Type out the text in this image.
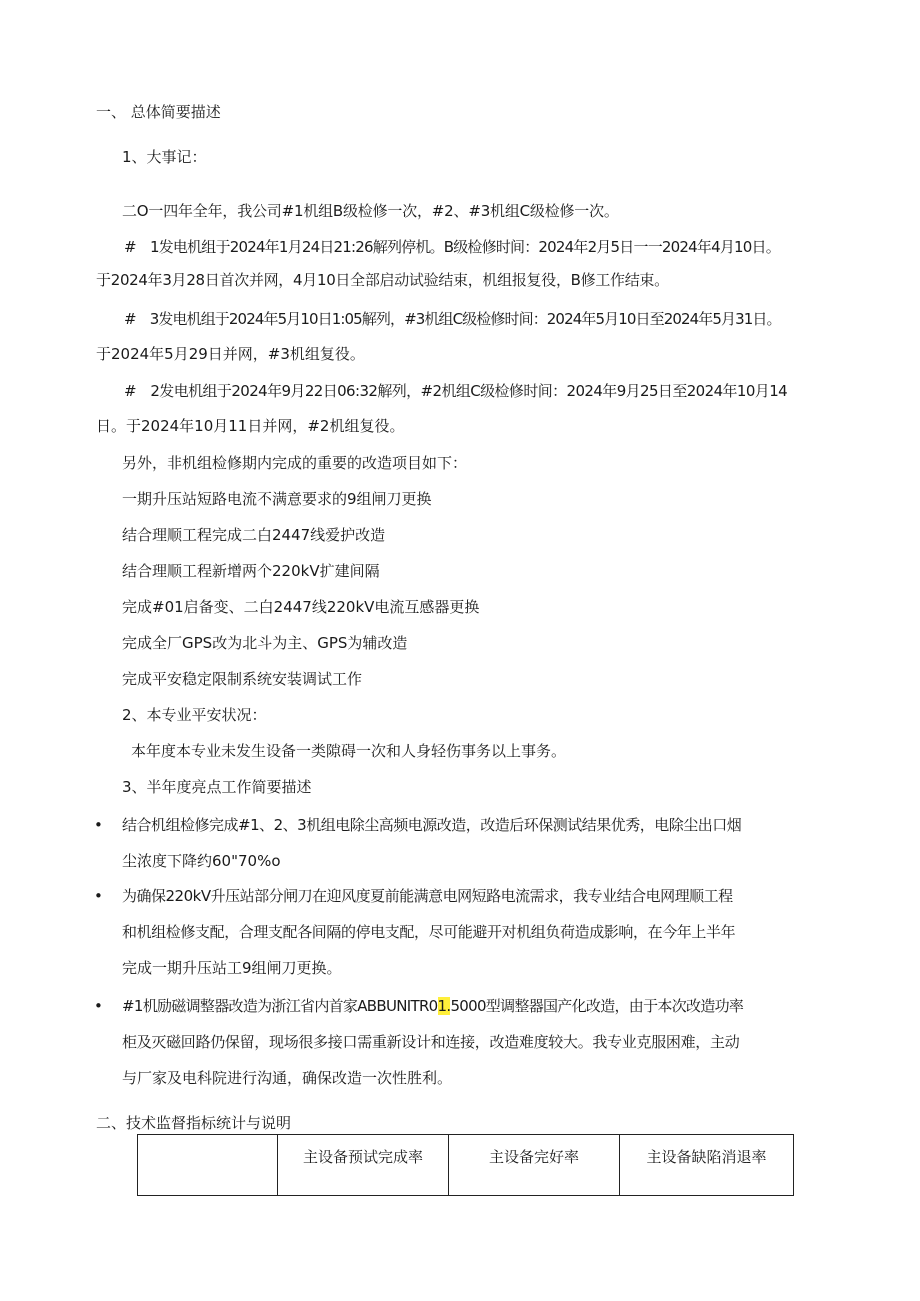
一、 总体简要描述
1、大事记：
二O一四年全年，我公司#1机组B级检修一次，#2、#3机组C级检修一次。
#　1发电机组于2024年1月24日21:26解列停机。B级检修时间：2024年2月5日一一2024年4月10日。
于2024年3月28日首次并网，4月10日全部启动试验结束，机组报复役，B修工作结束。
#　3发电机组于2024年5月10日1:05解列，#3机组C级检修时间：2024年5月10日至2024年5月31日。
于2024年5月29日并网，#3机组复役。
#　2发电机组于2024年9月22日06:32解列，#2机组C级检修时间：2024年9月25日至2024年10月14
日。于2024年10月11日并网，#2机组复役。
另外，非机组检修期内完成的重要的改造项目如下：
一期升压站短路电流不满意要求的9组闸刀更换
结合理顺工程完成二白2447线爱护改造
结合理顺工程新增两个220kV扩建间隔
完成#01启备变、二白2447线220kV电流互感器更换
完成全厂GPS改为北斗为主、GPS为辅改造
完成平安稳定限制系统安装调试工作
2、本专业平安状况：
本年度本专业未发生设备一类隙碍一次和人身轻伤事务以上事务。
3、半年度亮点工作简要描述
• 结合机组检修完成#1、2、3机组电除尘高频电源改造，改造后环保测试结果优秀，电除尘出口烟
尘浓度下降约60"70%o
• 为确保220kV升压站部分闸刀在迎风度夏前能满意电网短路电流需求，我专业结合电网理顺工程
和机组检修支配，合理支配各间隔的停电支配，尽可能避开对机组负荷造成影响，在今年上半年
完成一期升压站工9组闸刀更换。
• #1机励磁调整器改造为浙江省内首家ABBUNITR01.5000型调整器国产化改造，由于本次改造功率
柜及灭磁回路仍保留，现场很多接口需重新设计和连接，改造难度较大。我专业克服困难，主动
与厂家及电科院进行沟通，确保改造一次性胜利。
二、技术监督指标统计与说明
	主设备预试完成率	主设备完好率	主设备缺陷消退率
